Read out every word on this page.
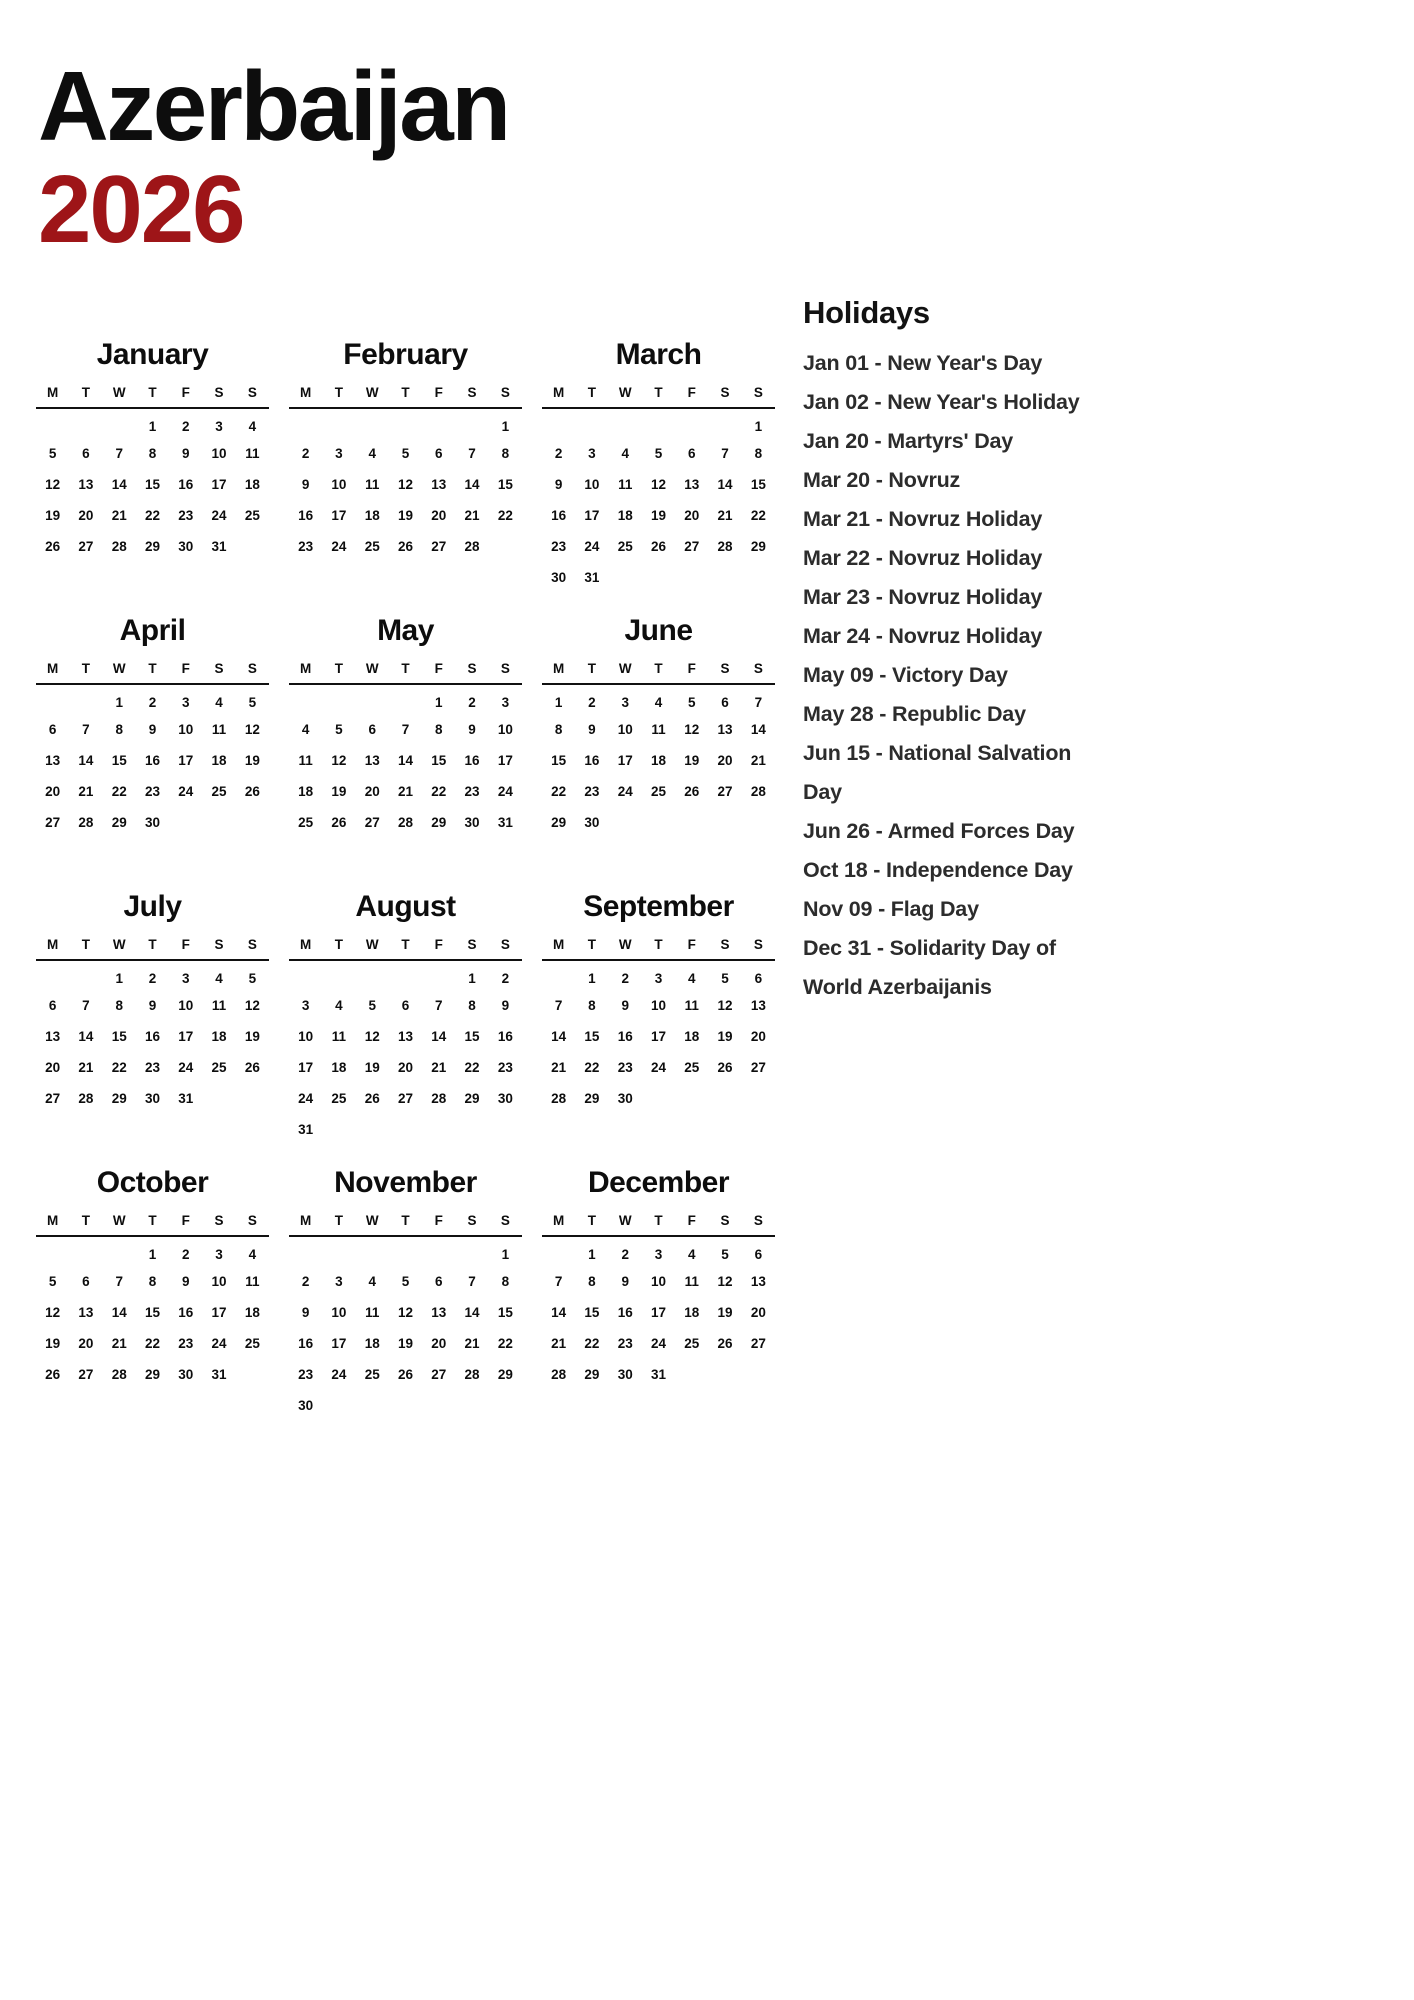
Azerbaijan
2026
January
M	T	W	T	F	S	S
			1	2	3	4
5	6	7	8	9	10	11
12	13	14	15	16	17	18
19	20	21	22	23	24	25
26	27	28	29	30	31	
February
M	T	W	T	F	S	S
						1
2	3	4	5	6	7	8
9	10	11	12	13	14	15
16	17	18	19	20	21	22
23	24	25	26	27	28	
March
M	T	W	T	F	S	S
						1
2	3	4	5	6	7	8
9	10	11	12	13	14	15
16	17	18	19	20	21	22
23	24	25	26	27	28	29
30	31					
April
M	T	W	T	F	S	S
		1	2	3	4	5
6	7	8	9	10	11	12
13	14	15	16	17	18	19
20	21	22	23	24	25	26
27	28	29	30			
May
M	T	W	T	F	S	S
				1	2	3
4	5	6	7	8	9	10
11	12	13	14	15	16	17
18	19	20	21	22	23	24
25	26	27	28	29	30	31
June
M	T	W	T	F	S	S
1	2	3	4	5	6	7
8	9	10	11	12	13	14
15	16	17	18	19	20	21
22	23	24	25	26	27	28
29	30					
July
M	T	W	T	F	S	S
		1	2	3	4	5
6	7	8	9	10	11	12
13	14	15	16	17	18	19
20	21	22	23	24	25	26
27	28	29	30	31		
August
M	T	W	T	F	S	S
					1	2
3	4	5	6	7	8	9
10	11	12	13	14	15	16
17	18	19	20	21	22	23
24	25	26	27	28	29	30
31						
September
M	T	W	T	F	S	S
	1	2	3	4	5	6
7	8	9	10	11	12	13
14	15	16	17	18	19	20
21	22	23	24	25	26	27
28	29	30				
October
M	T	W	T	F	S	S
			1	2	3	4
5	6	7	8	9	10	11
12	13	14	15	16	17	18
19	20	21	22	23	24	25
26	27	28	29	30	31	
November
M	T	W	T	F	S	S
						1
2	3	4	5	6	7	8
9	10	11	12	13	14	15
16	17	18	19	20	21	22
23	24	25	26	27	28	29
30						
December
M	T	W	T	F	S	S
	1	2	3	4	5	6
7	8	9	10	11	12	13
14	15	16	17	18	19	20
21	22	23	24	25	26	27
28	29	30	31			
Holidays
Jan 01 - New Year's Day
Jan 02 - New Year's Holiday
Jan 20 - Martyrs' Day
Mar 20 - Novruz
Mar 21 - Novruz Holiday
Mar 22 - Novruz Holiday
Mar 23 - Novruz Holiday
Mar 24 - Novruz Holiday
May 09 - Victory Day
May 28 - Republic Day
Jun 15 - National Salvation Day
Jun 26 - Armed Forces Day
Oct 18 - Independence Day
Nov 09 - Flag Day
Dec 31 - Solidarity Day of World Azerbaijanis
